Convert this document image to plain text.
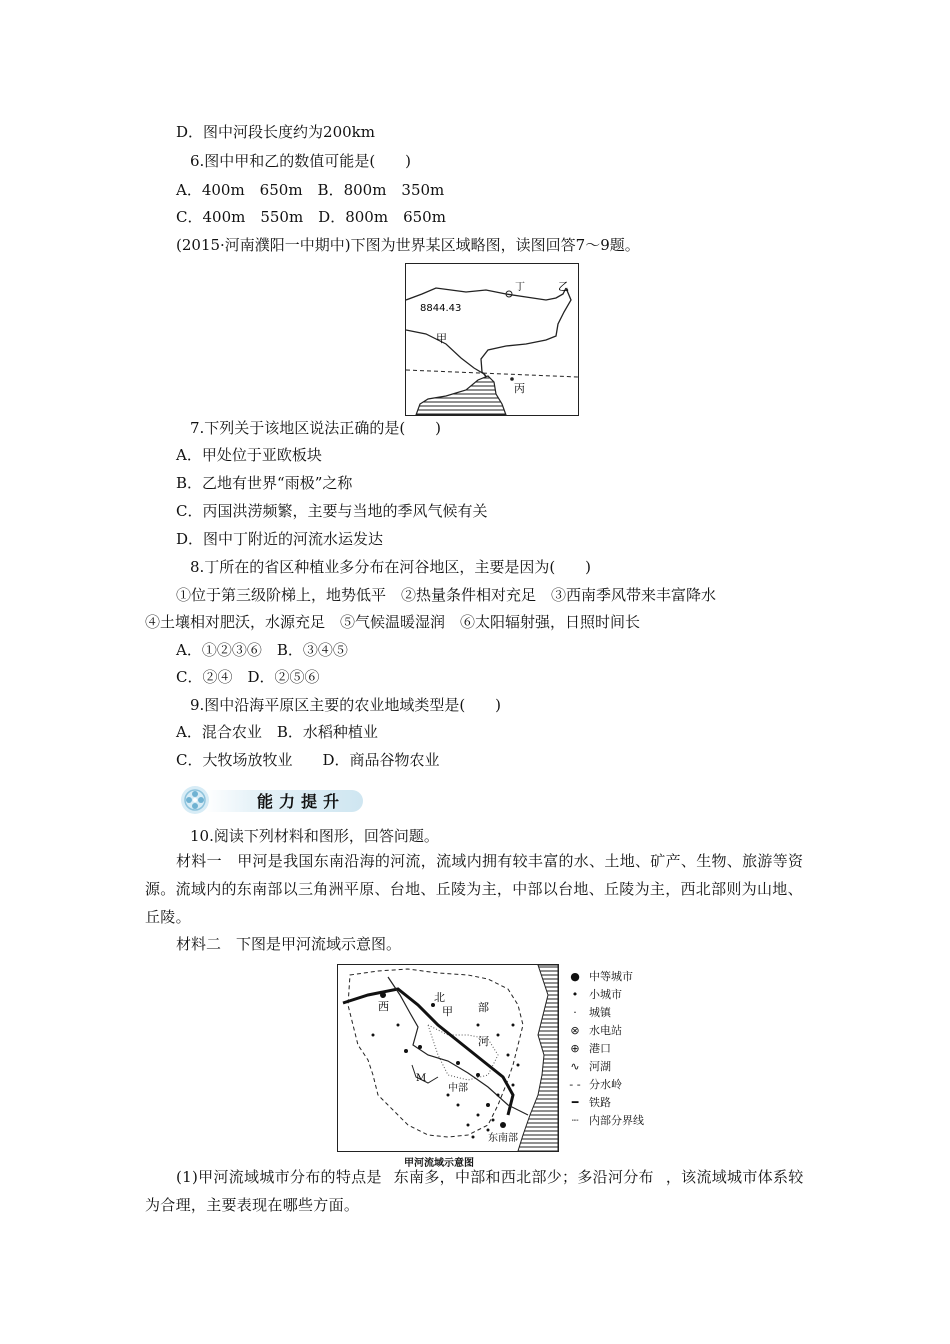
D．图中河段长度约为200km
6.图中甲和乙的数值可能是(　　)
A．400m　650m　B．800m　350m
C．400m　550m　D．800m　650m
(2015·河南濮阳一中期中)下图为世界某区域略图，读图回答7～9题。
8844.43
丁	乙
甲
丙
7.下列关于该地区说法正确的是(　　)
A．甲处位于亚欧板块
B．乙地有世界“雨极”之称
C．丙国洪涝频繁，主要与当地的季风气候有关
D．图中丁附近的河流水运发达
8.丁所在的省区种植业多分布在河谷地区，主要是因为(　　)
①位于第三级阶梯上，地势低平　②热量条件相对充足　③西南季风带来丰富降水
④土壤相对肥沃，水源充足　⑤气候温暖湿润　⑥太阳辐射强，日照时间长
A．①②③⑥　B．③④⑤
C．②④　D．②⑤⑥
9.图中沿海平原区主要的农业地域类型是(　　)
A．混合农业　B．水稻种植业
C．大牧场放牧业　　D．商品谷物农业
能力提升
10.阅读下列材料和图形，回答问题。
材料一　甲河是我国东南沿海的河流，流域内拥有较丰富的水、土地、矿产、生物、旅游等资源。流域内的东南部以三角洲平原、台地、丘陵为主，中部以台地、丘陵为主，西北部则为山地、丘陵。
材料二　下图是甲河流域示意图。
西
北
甲 部
河
M
中部
东南部
● 中等城市
• 小城市
· 城镇
⊗ 水电站
⊕ 港口
∿ 河湖
‐ ‐ 分水岭
━ 铁路
┈ 内部分界线
甲河流域示意图
(1)甲河流域城市分布的特点是 东南多，中部和西北部少；多沿河分布 ，该流域城市体系较为合理，主要表现在哪些方面。
